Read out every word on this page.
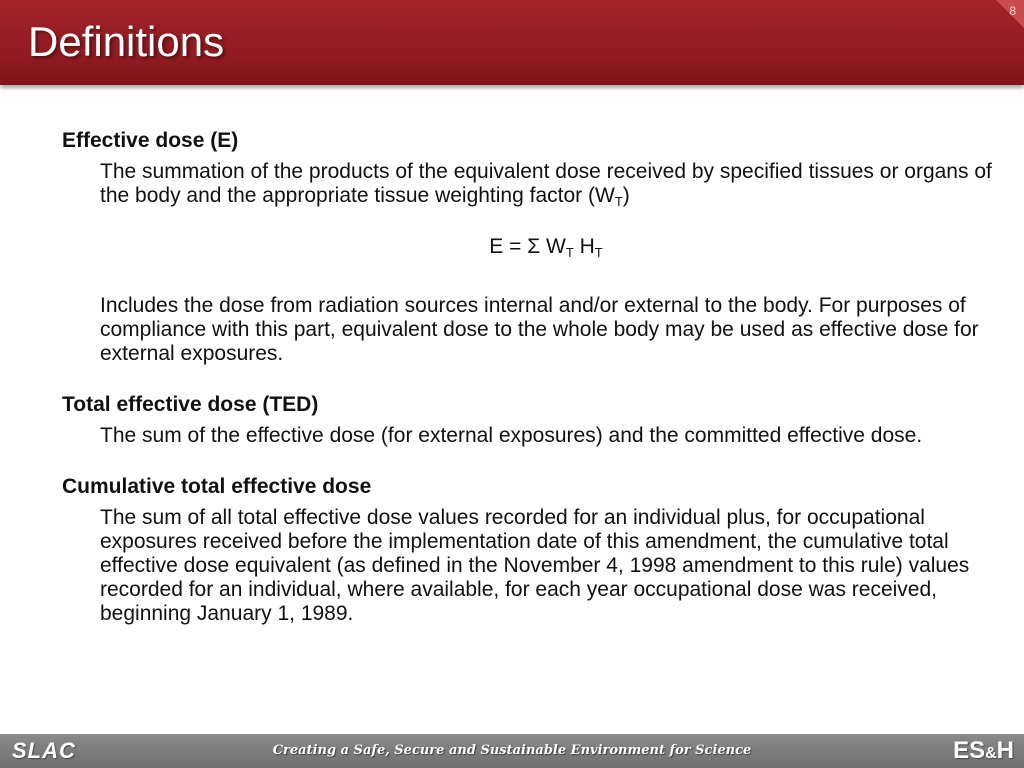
Definitions
8

Effective dose (E)

The summation of the products of the equivalent dose received by specified tissues or organs of the body and the appropriate tissue weighting factor $(W_T)$

E = Σ $W_T$ $H_T$

Includes the dose from radiation sources internal and/or external to the body. For purposes of compliance with this part, equivalent dose to the whole body may be used as effective dose for external exposures.

Total effective dose (TED)

The sum of the effective dose (for external exposures) and the committed effective dose.

Cumulative total effective dose

The sum of all total effective dose values recorded for an individual plus, for occupational exposures received before the implementation date of this amendment, the cumulative total effective dose equivalent (as defined in the November 4, 1998 amendment to this rule) values recorded for an individual, where available, for each year occupational dose was received, beginning January 1, 1989.

SLAC	Creating a Safe, Secure and Sustainable Environment for Science	ES&H
